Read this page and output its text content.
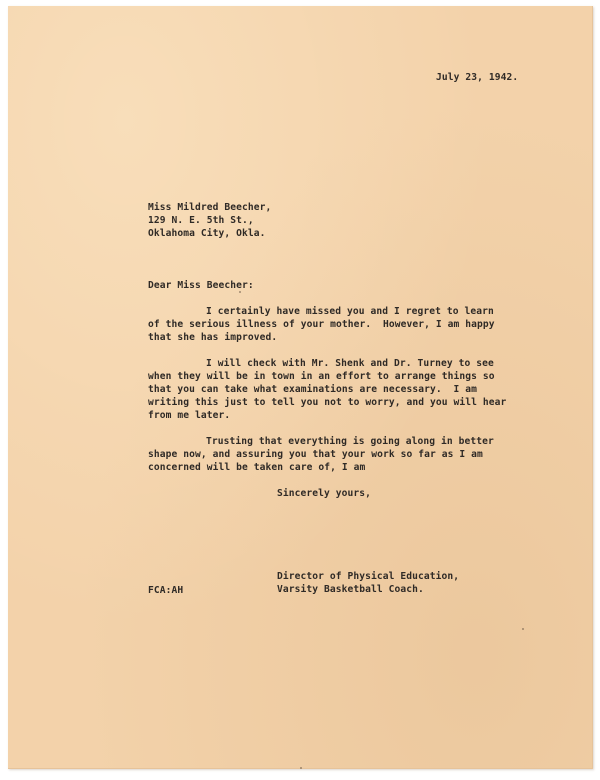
July 23, 1942.
Miss Mildred Beecher,
129 N. E. 5th St.,
Oklahoma City, Okla.
Dear Miss Beecher:
I certainly have missed you and I regret to learn
of the serious illness of your mother.  However, I am happy
that she has improved.
I will check with Mr. Shenk and Dr. Turney to see
when they will be in town in an effort to arrange things so
that you can take what examinations are necessary.  I am
writing this just to tell you not to worry, and you will hear
from me later.
Trusting that everything is going along in better
shape now, and assuring you that your work so far as I am
concerned will be taken care of, I am
Sincerely yours,
Director of Physical Education,
Varsity Basketball Coach.
FCA:AH
